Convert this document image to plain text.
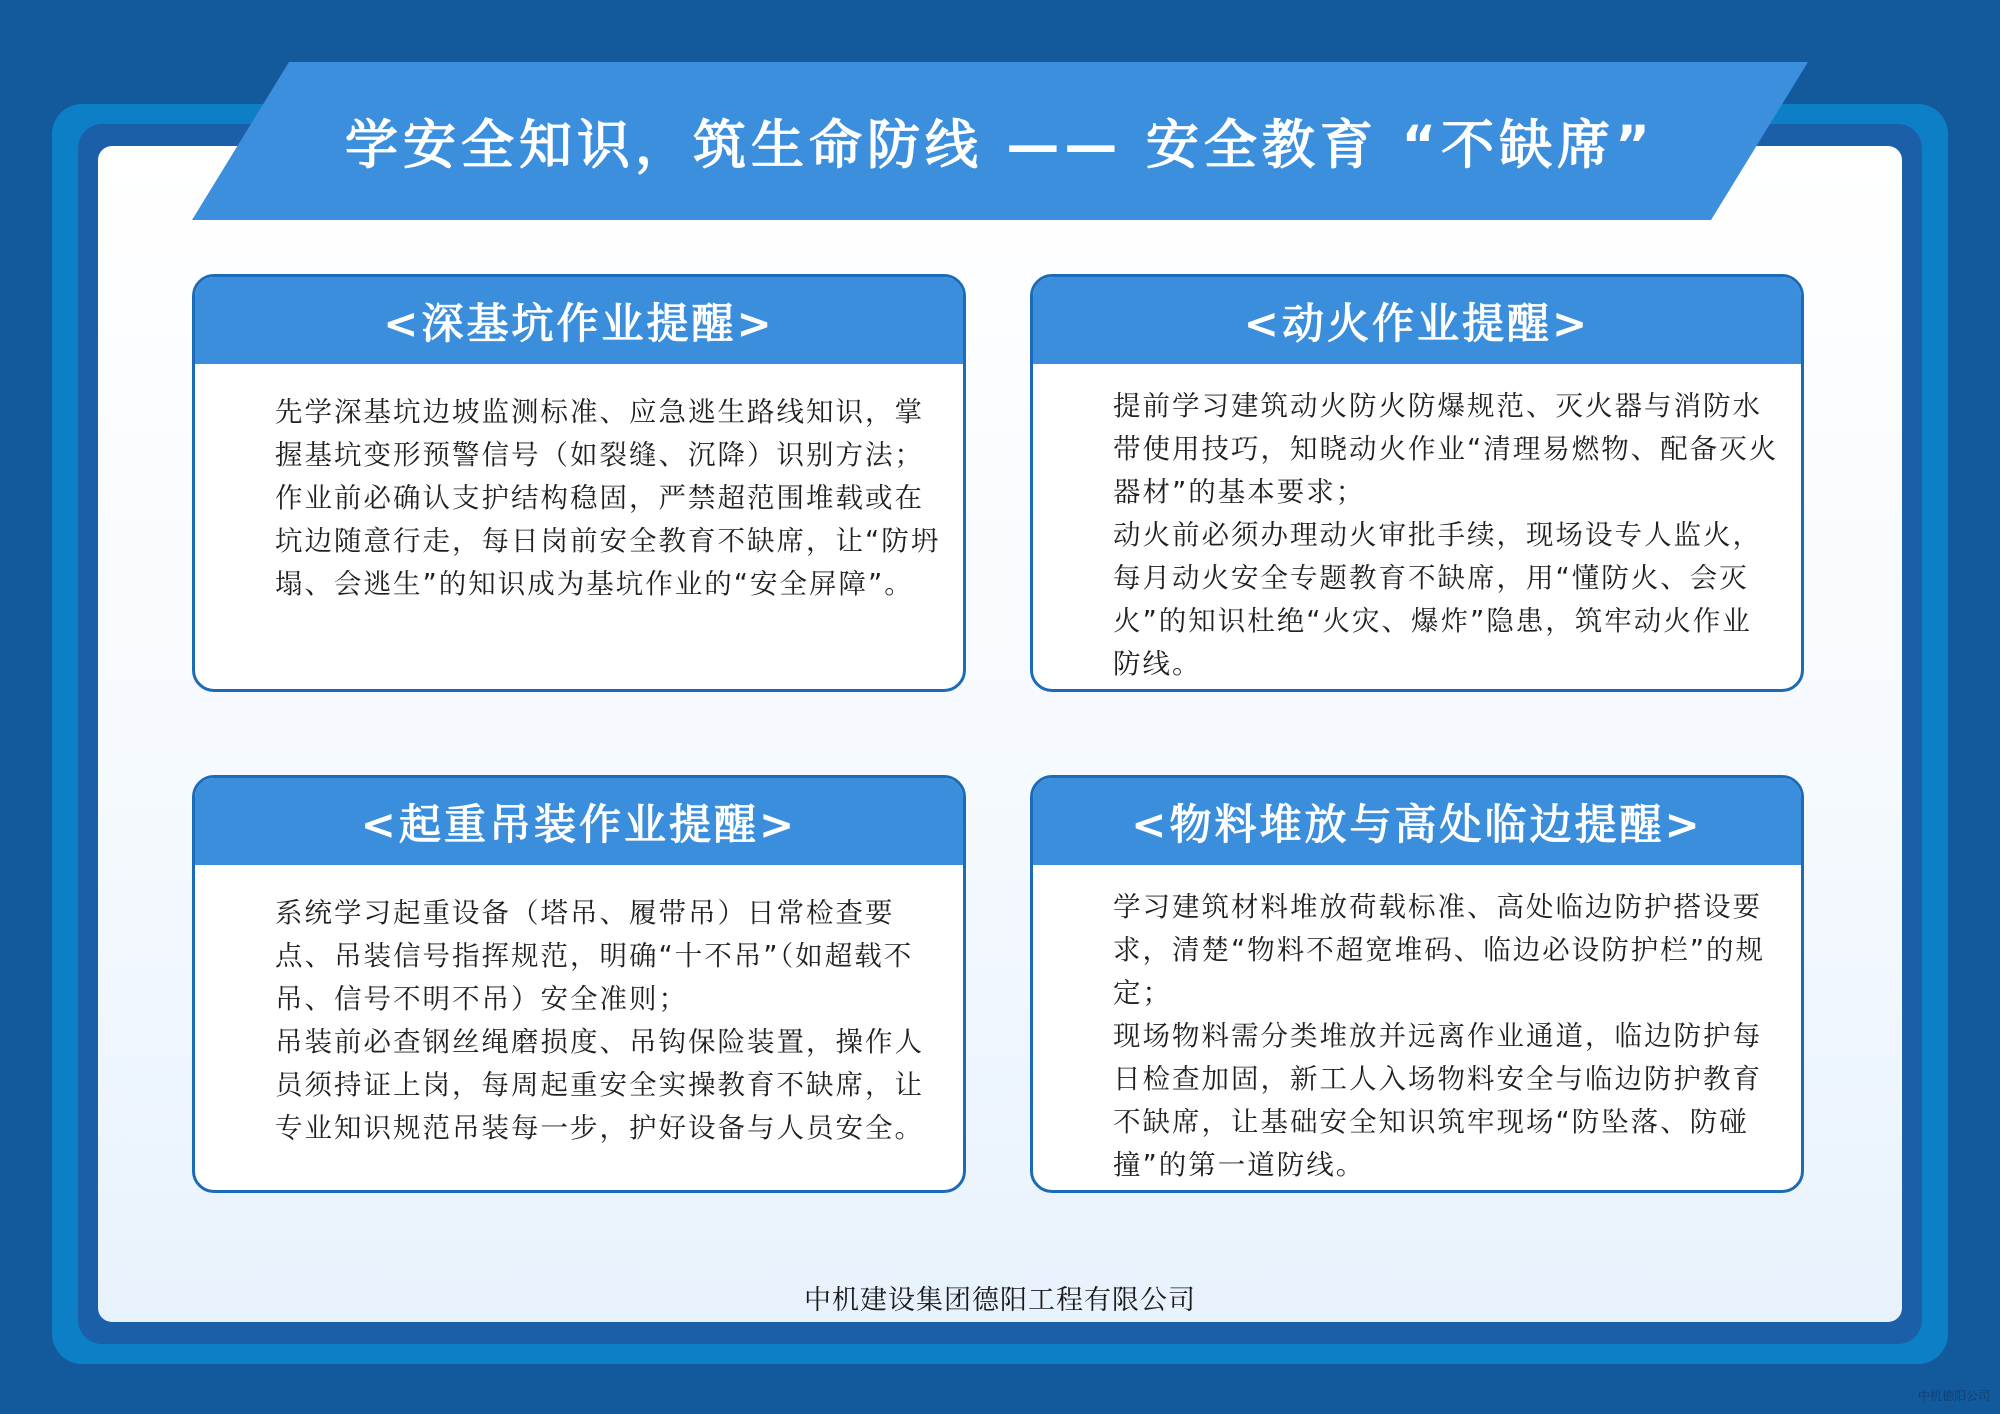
学安全知识，筑生命防线 —— 安全教育 “不缺席”
<深基坑作业提醒>

先学深基坑边坡监测标准、应急逃生路线知识，掌握基坑变形预警信号（如裂缝、沉降）识别方法；

作业前必确认支护结构稳固，严禁超范围堆载或在坑边随意行走，每日岗前安全教育不缺席，让“防坍塌、会逃生”的知识成为基坑作业的“安全屏障”。

<动火作业提醒>

提前学习建筑动火防火防爆规范、灭火器与消防水带使用技巧，知晓动火作业“清理易燃物、配备灭火器材”的基本要求；

动火前必须办理动火审批手续，现场设专人监火，每月动火安全专题教育不缺席，用“懂防火、会灭火”的知识杜绝“火灾、爆炸”隐患，筑牢动火作业防线。

<起重吊装作业提醒>

系统学习起重设备（塔吊、履带吊）日常检查要点、吊装信号指挥规范，明确“十不吊”（如超载不吊、信号不明不吊）安全准则；

吊装前必查钢丝绳磨损度、吊钩保险装置，操作人员须持证上岗，每周起重安全实操教育不缺席，让专业知识规范吊装每一步，护好设备与人员安全。

<物料堆放与高处临边提醒>

学习建筑材料堆放荷载标准、高处临边防护搭设要求，清楚“物料不超宽堆码、临边必设防护栏”的规定；

现场物料需分类堆放并远离作业通道，临边防护每日检查加固，新工人入场物料安全与临边防护教育不缺席，让基础安全知识筑牢现场“防坠落、防碰撞”的第一道防线。

中机建设集团德阳工程有限公司
中机德阳公司
